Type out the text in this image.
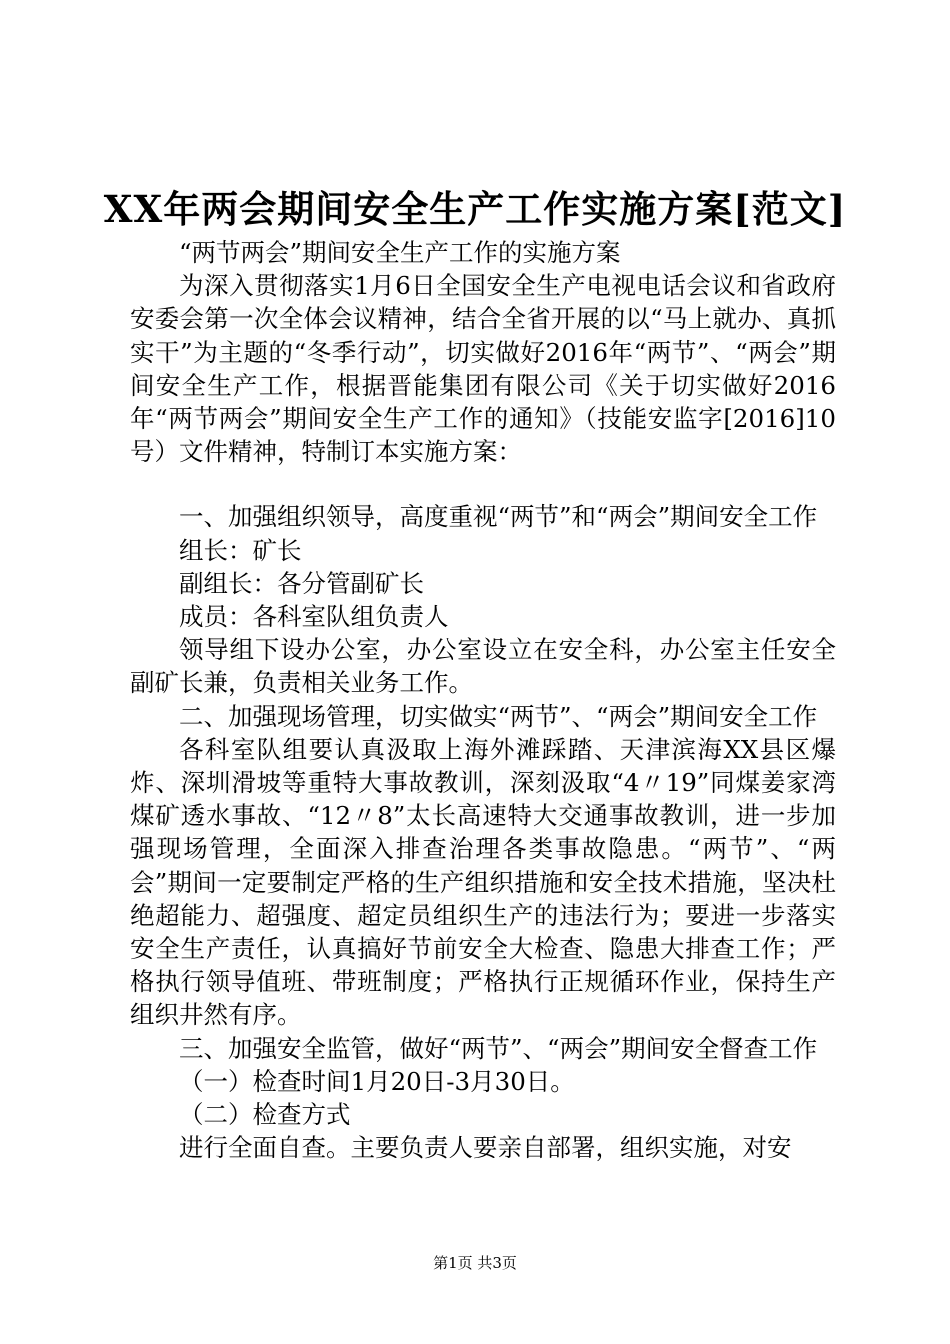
XX年两会期间安全生产工作实施方案[范文]

“两节两会”期间安全生产工作的实施方案

为深入贯彻落实1月6日全国安全生产电视电话会议和省政府安委会第一次全体会议精神，结合全省开展的以“马上就办、真抓实干”为主题的“冬季行动”，切实做好2016年“两节”、“两会”期间安全生产工作，根据晋能集团有限公司《关于切实做好2016年“两节两会”期间安全生产工作的通知》（技能安监字[2016]10号）文件精神，特制订本实施方案：

一、加强组织领导，高度重视“两节”和“两会”期间安全工作

组长：矿长

副组长：各分管副矿长

成员：各科室队组负责人

领导组下设办公室，办公室设立在安全科，办公室主任安全副矿长兼，负责相关业务工作。

二、加强现场管理，切实做实“两节”、“两会”期间安全工作

各科室队组要认真汲取上海外滩踩踏、天津滨海XX县区爆炸、深圳滑坡等重特大事故教训，深刻汲取“4〃19”同煤姜家湾煤矿透水事故、“12〃8”太长高速特大交通事故教训，进一步加强现场管理，全面深入排查治理各类事故隐患。“两节”、“两会”期间一定要制定严格的生产组织措施和安全技术措施，坚决杜绝超能力、超强度、超定员组织生产的违法行为；要进一步落实安全生产责任，认真搞好节前安全大检查、隐患大排查工作；严格执行领导值班、带班制度；严格执行正规循环作业，保持生产组织井然有序。

三、加强安全监管，做好“两节”、“两会”期间安全督查工作

（一）检查时间1月20日-3月30日。

（二）检查方式

进行全面自查。主要负责人要亲自部署，组织实施，对安

第1页 共3页
